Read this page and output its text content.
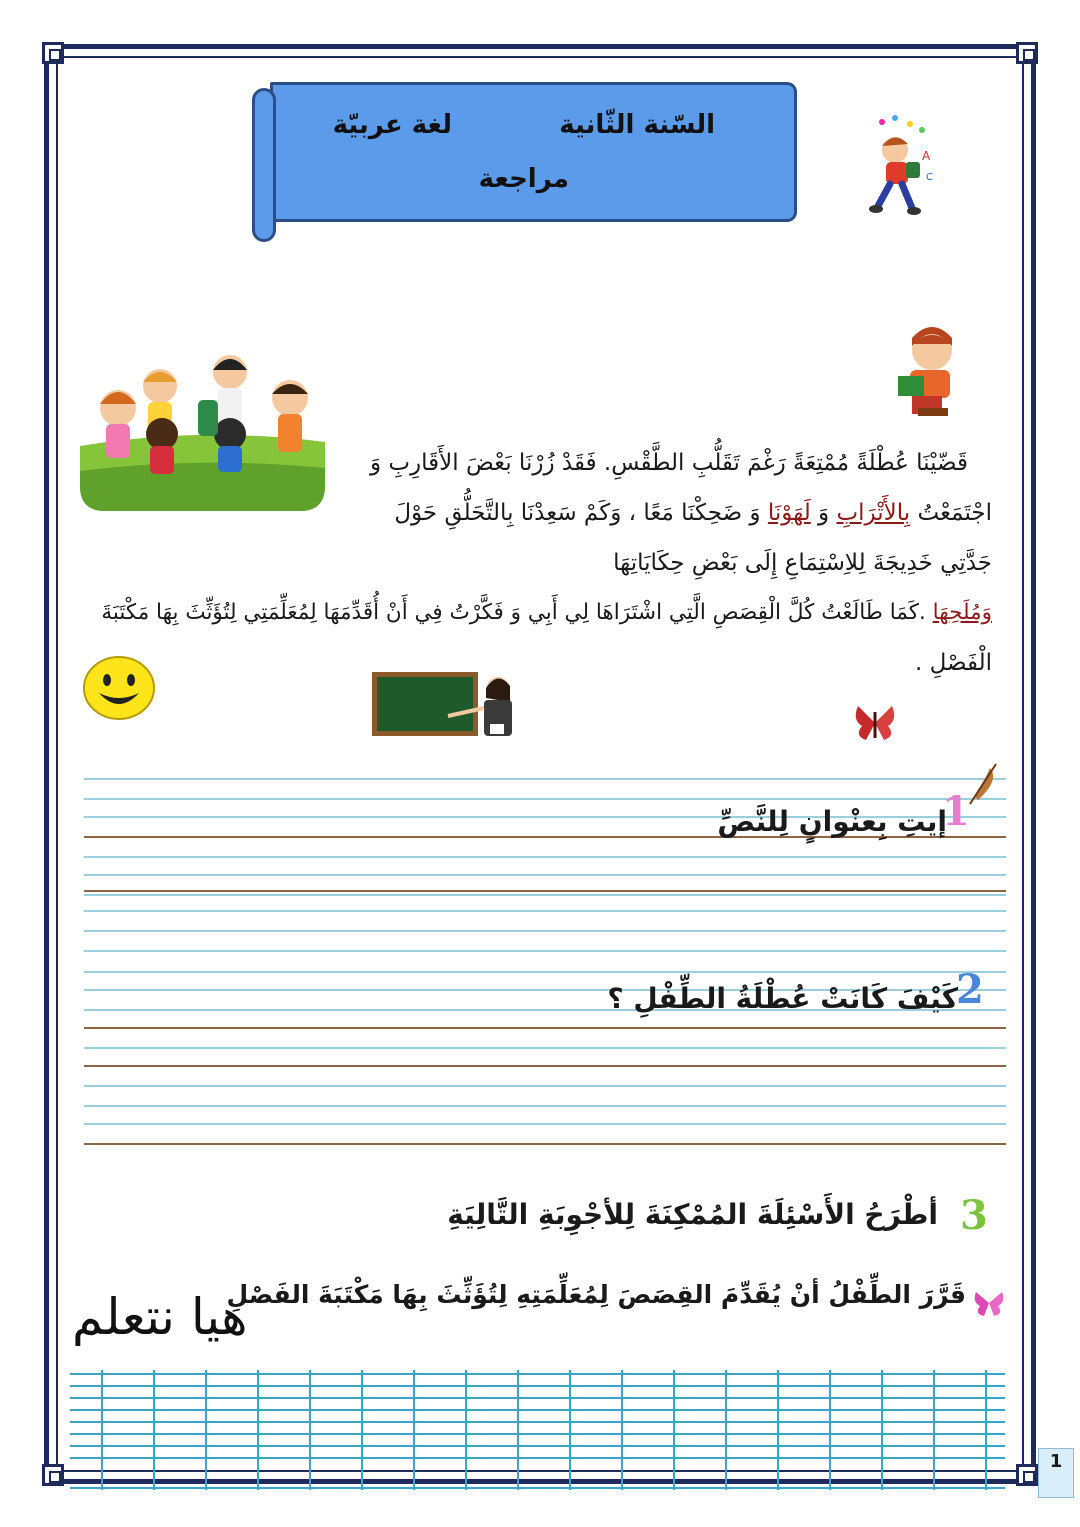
السّنة الثّانية
لغة عربيّة
مراجعة
A
C
قَضّيْنَا عُطْلَةً مُمْتِعَةً رَغْمَ تَقَلُّبِ الطَّقْسِ. فَقَدْ زُرْنَا بَعْضَ الأَقَارِبِ وَ
اجْتَمَعْتُ بِالأَتْرَابِ وَ لَهَوْنَا وَ ضَحِكْنَا مَعًا ، وَكَمْ سَعِدْنَا بِالتَّحَلُّقِ حَوْلَ
جَدَّتِي خَدِيجَةَ لِلاِسْتِمَاعِ إِلَى بَعْضِ حِكَايَاتِهَا
وَمُلَحِهَا .كَمَا طَالَعْتُ كُلَّ الْقِصَصِ الَّتِي اشْتَرَاهَا لِي أَبِي وَ فَكَّرْتُ فِي أَنْ أُقَدِّمَهَا لِمُعَلِّمَتِي لِتُؤَثِّثَ بِهَا مَكْتَبَةَ
الْفَصْلِ .
1
إيتِ بِعنْوانٍ لِلنَّصِّ
2
كَيْفَ كَانَتْ عُطْلَةُ الطِّفْلِ ؟
3
أطْرَحُ الأَسْئِلَةَ المُمْكِنَةَ لِلأجْوِبَةِ التَّالِيَةِ
قَرَّرَ الطِّفْلُ أنْ يُقَدِّمَ القِصَصَ لِمُعَلِّمَتِهِ لِتُؤَثِّثَ بِهَا مَكْتَبَةَ الفَصْلِ
هيا نتعلم
1
